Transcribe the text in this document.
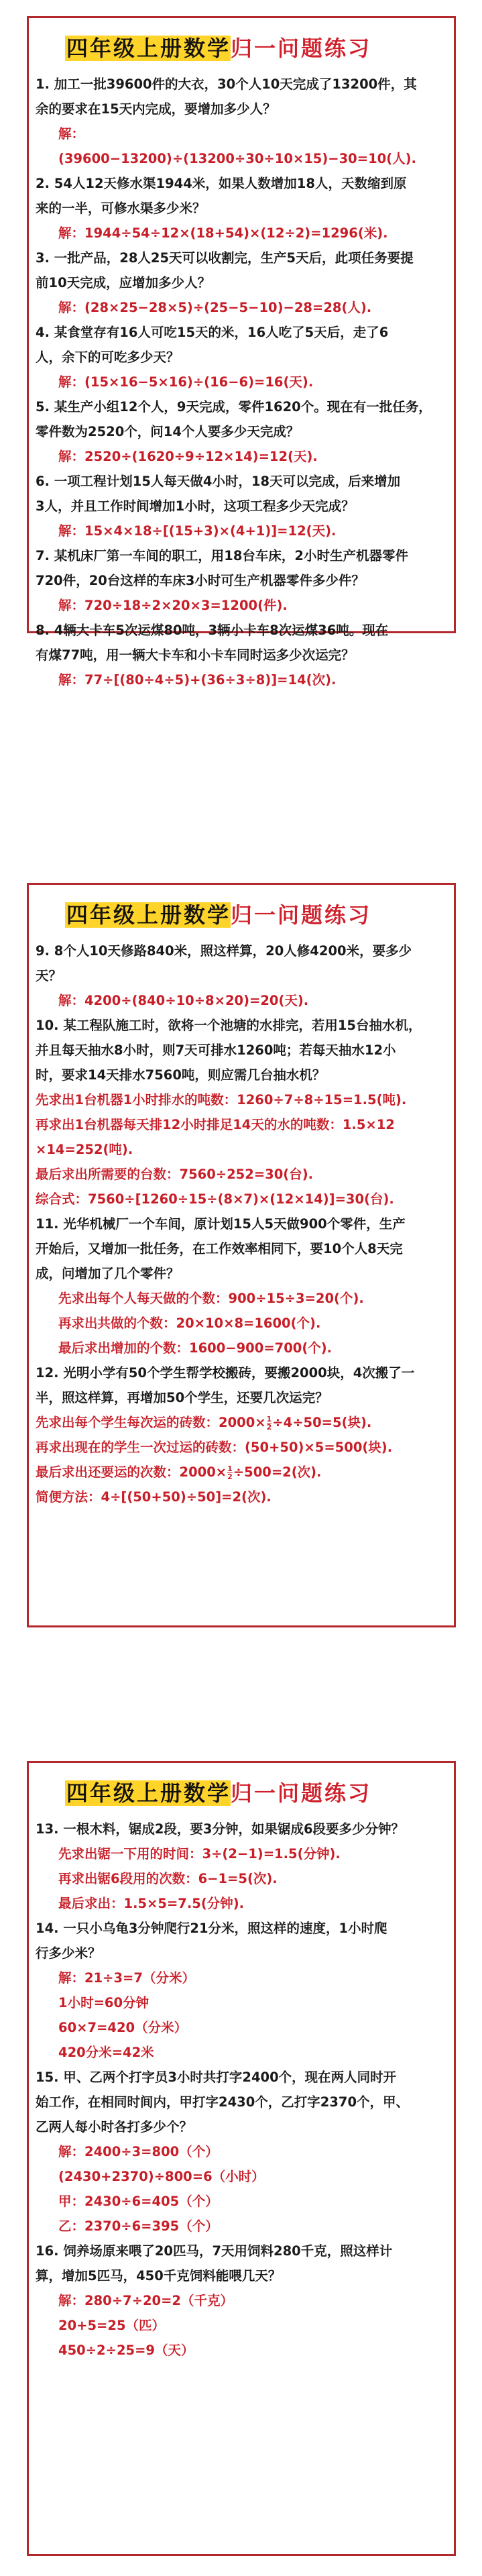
四年级上册数学归一问题练习
1. 加工一批39600件的大衣，30个人10天完成了13200件，其
余的要求在15天内完成，要增加多少人？
解：(39600−13200)÷(13200÷30÷10×15)−30=10(人).
2. 54人12天修水渠1944米，如果人数增加18人，天数缩到原
来的一半，可修水渠多少米？
解：1944÷54÷12×(18+54)×(12÷2)=1296(米).
3. 一批产品，28人25天可以收割完，生产5天后，此项任务要提
前10天完成，应增加多少人？
解：(28×25−28×5)÷(25−5−10)−28=28(人).
4. 某食堂存有16人可吃15天的米，16人吃了5天后，走了6
人，余下的可吃多少天？
解：(15×16−5×16)÷(16−6)=16(天).
5. 某生产小组12个人，9天完成，零件1620个。现在有一批任务，
零件数为2520个，问14个人要多少天完成？
解：2520÷(1620÷9÷12×14)=12(天).
6. 一项工程计划15人每天做4小时，18天可以完成，后来增加
3人，并且工作时间增加1小时，这项工程多少天完成？
解：15×4×18÷[(15+3)×(4+1)]=12(天).
7. 某机床厂第一车间的职工，用18台车床，2小时生产机器零件
720件，20台这样的车床3小时可生产机器零件多少件？
解：720÷18÷2×20×3=1200(件).
8. 4辆大卡车5次运煤80吨，3辆小卡车8次运煤36吨。现在
有煤77吨，用一辆大卡车和小卡车同时运多少次运完？
解：77÷[(80÷4÷5)+(36÷3÷8)]=14(次).
四年级上册数学归一问题练习
9. 8个人10天修路840米，照这样算，20人修4200米，要多少
天？
解：4200÷(840÷10÷8×20)=20(天).
10. 某工程队施工时，欲将一个池塘的水排完，若用15台抽水机，
并且每天抽水8小时，则7天可排水1260吨；若每天抽水12小
时，要求14天排水7560吨，则应需几台抽水机？
先求出1台机器1小时排水的吨数：1260÷7÷8÷15=1.5(吨).
再求出1台机器每天排12小时排足14天的水的吨数：1.5×12
×14=252(吨).
最后求出所需要的台数：7560÷252=30(台).
综合式：7560÷[1260÷15÷(8×7)×(12×14)]=30(台).
11. 光华机械厂一个车间，原计划15人5天做900个零件，生产
开始后，又增加一批任务，在工作效率相同下，要10个人8天完
成，问增加了几个零件？
先求出每个人每天做的个数：900÷15÷3=20(个).
再求出共做的个数：20×10×8=1600(个).
最后求出增加的个数：1600−900=700(个).
12. 光明小学有50个学生帮学校搬砖，要搬2000块，4次搬了一
半，照这样算，再增加50个学生，还要几次运完？
先求出每个学生每次运的砖数：$2000\times \frac{1}{2} \div 4\div 50=5$(块).
再求出现在的学生一次过运的砖数：(50+50)×5=500(块).
最后求出还要运的次数：$2000\times \frac{1}{2} \div 500=2$(次).
简便方法：4÷[(50+50)÷50]=2(次).
四年级上册数学归一问题练习
13. 一根木料，锯成2段，要3分钟，如果锯成6段要多少分钟？
先求出锯一下用的时间：3÷(2−1)=1.5(分钟).
再求出锯6段用的次数：6−1=5(次).
最后求出：1.5×5=7.5(分钟).
14. 一只小乌龟3分钟爬行21分米，照这样的速度，1小时爬
行多少米？
解：21÷3=7（分米）
1小时=60分钟
60×7=420（分米）
420分米=42米
15. 甲、乙两个打字员3小时共打字2400个，现在两人同时开
始工作，在相同时间内，甲打字2430个，乙打字2370个，甲、
乙两人每小时各打多少个？
解：2400÷3=800（个）
(2430+2370)÷800=6（小时）
甲：2430÷6=405（个）
乙：2370÷6=395（个）
16. 饲养场原来喂了20匹马，7天用饲料280千克，照这样计
算，增加5匹马，450千克饲料能喂几天？
解：280÷7÷20=2（千克）
20+5=25（匹）
450÷2÷25=9（天）
